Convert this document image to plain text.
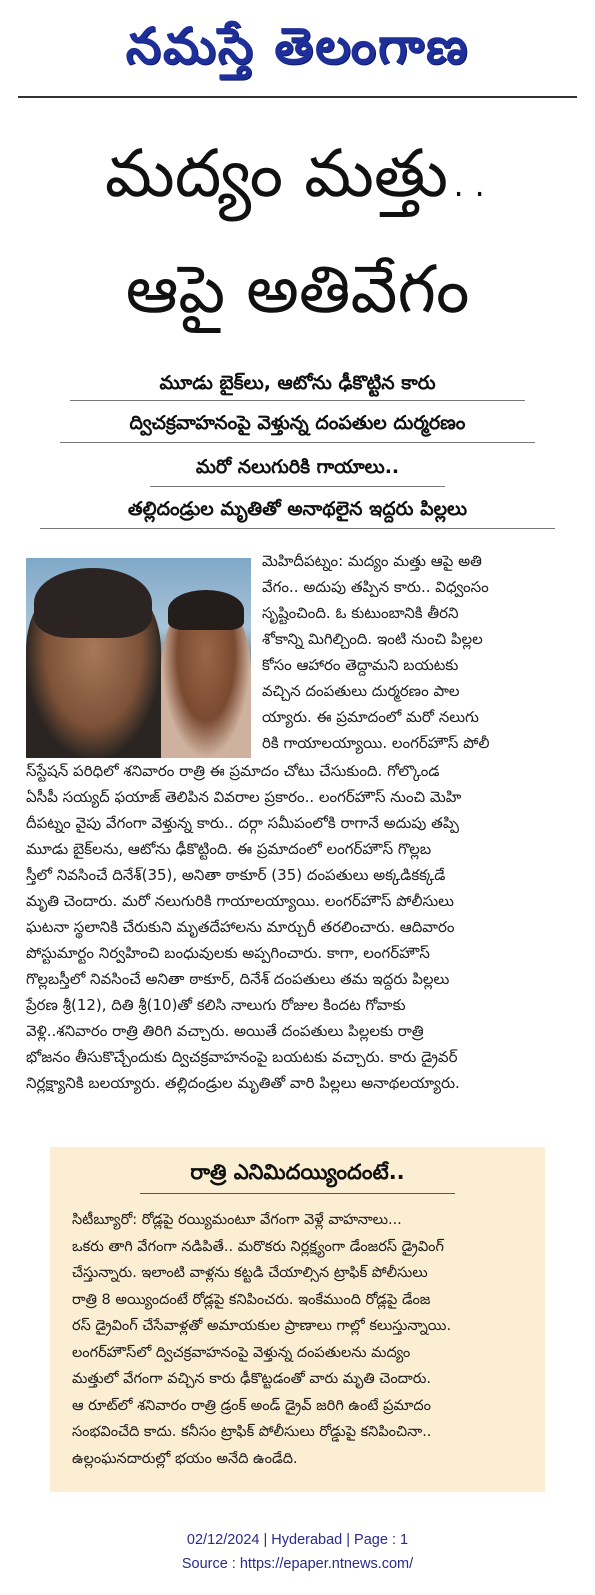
నమస్తే తెలంగాణ
మద్యం మత్తు..
ఆపై అతివేగం
మూడు బైక్‌లు, ఆటోను ఢీకొట్టిన కారు
ద్విచక్రవాహనంపై వెళ్తున్న దంపతుల దుర్మరణం
మరో నలుగురికి గాయాలు..
తల్లిదండ్రుల మృతితో అనాథలైన ఇద్దరు పిల్లలు
మెహిదీపట్నం: మద్యం మత్తు ఆపై అతి
వేగం.. అదుపు తప్పిన కారు.. విధ్వంసం
సృష్టించింది. ఓ కుటుంబానికి తీరని
శోకాన్ని మిగిల్చింది. ఇంటి నుంచి పిల్లల
కోసం ఆహారం తెద్దామని బయటకు
వచ్చిన దంపతులు దుర్మరణం పాల
య్యారు. ఈ ప్రమాదంలో మరో నలుగు
రికి గాయాలయ్యాయి. లంగర్‌హౌస్ పోలీ
స్‌స్టేషన్ పరిధిలో శనివారం రాత్రి ఈ ప్రమాదం చోటు చేసుకుంది. గోల్కొండ
ఏసీపీ సయ్యద్ ఫయాజ్ తెలిపిన వివరాల ప్రకారం.. లంగర్‌హౌస్ నుంచి మెహి
దీపట్నం వైపు వేగంగా వెళ్తున్న కారు.. దర్గా సమీపంలోకి రాగానే అదుపు తప్పి
మూడు బైక్‌లను, ఆటోను ఢీకొట్టింది. ఈ ప్రమాదంలో లంగర్‌హౌస్ గొల్లబ
స్తీలో నివసించే దినేశ్(35), అనితా ఠాకూర్ (35) దంపతులు అక్కడికక్కడే
మృతి చెందారు. మరో నలుగురికి గాయాలయ్యాయి. లంగర్‌హౌస్ పోలీసులు
ఘటనా స్థలానికి చేరుకుని మృతదేహాలను మార్చురీ తరలించారు. ఆదివారం
పోస్టుమార్టం నిర్వహించి బంధువులకు అప్పగించారు. కాగా, లంగర్‌హౌస్
గొల్లబస్తీలో నివసించే అనితా ఠాకూర్, దినేశ్ దంపతులు తమ ఇద్దరు పిల్లలు
ప్రేరణ శ్రీ(12), దితి శ్రీ(10)తో కలిసి నాలుగు రోజుల కిందట గోవాకు
వెళ్లి..శనివారం రాత్రి తిరిగి వచ్చారు. అయితే దంపతులు పిల్లలకు రాత్రి
భోజనం తీసుకొచ్చేందుకు ద్విచక్రవాహనంపై బయటకు వచ్చారు. కారు డ్రైవర్
నిర్లక్ష్యానికి బలయ్యారు. తల్లిదండ్రుల మృతితో వారి పిల్లలు అనాథలయ్యారు.
రాత్రి ఎనిమిదయ్యిందంటే..
సిటీబ్యూరో: రోడ్లపై రయ్యిమంటూ వేగంగా వెళ్లే వాహనాలు...
ఒకరు తాగి వేగంగా నడిపితే.. మరొకరు నిర్లక్ష్యంగా డేంజరస్ డ్రైవింగ్
చేస్తున్నారు. ఇలాంటి వాళ్లను కట్టడి చేయాల్సిన ట్రాఫిక్ పోలీసులు
రాత్రి 8 అయ్యిందంటే రోడ్లపై కనిపించరు. ఇంకేముంది రోడ్లపై డేంజ
రస్ డ్రైవింగ్ చేసేవాళ్లతో అమాయకుల ప్రాణాలు గాల్లో కలుస్తున్నాయి.
లంగర్‌హౌస్‌లో ద్విచక్రవాహనంపై వెళ్తున్న దంపతులను మద్యం
మత్తులో వేగంగా వచ్చిన కారు ఢీకొట్టడంతో వారు మృతి చెందారు.
ఆ రూట్‌లో శనివారం రాత్రి డ్రంక్ అండ్ డ్రైవ్ జరిగి ఉంటే ప్రమాదం
సంభవించేది కాదు. కనీసం ట్రాఫిక్ పోలీసులు రోడ్డుపై కనిపించినా..
ఉల్లంఘనదారుల్లో భయం అనేది ఉండేది.
02/12/2024 | Hyderabad | Page : 1
Source : https://epaper.ntnews.com/
